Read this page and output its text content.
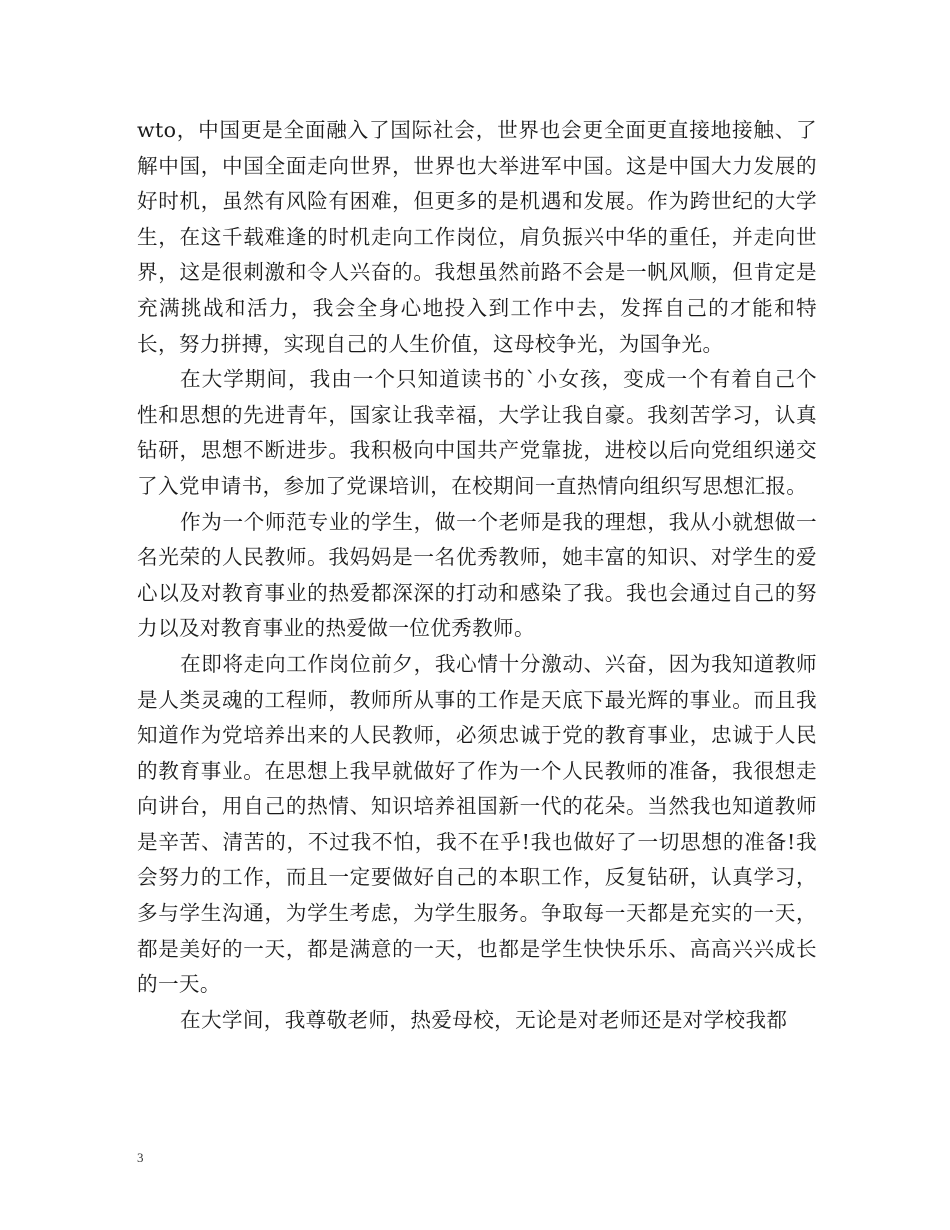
wto，中国更是全面融入了国际社会，世界也会更全面更直接地接触、了解中国，中国全面走向世界，世界也大举进军中国。这是中国大力发展的好时机，虽然有风险有困难，但更多的是机遇和发展。作为跨世纪的大学生，在这千载难逢的时机走向工作岗位，肩负振兴中华的重任，并走向世界，这是很刺激和令人兴奋的。我想虽然前路不会是一帆风顺，但肯定是充满挑战和活力，我会全身心地投入到工作中去，发挥自己的才能和特长，努力拼搏，实现自己的人生价值，这母校争光，为国争光。

在大学期间，我由一个只知道读书的`小女孩，变成一个有着自己个性和思想的先进青年，国家让我幸福，大学让我自豪。我刻苦学习，认真钻研，思想不断进步。我积极向中国共产党靠拢，进校以后向党组织递交了入党申请书，参加了党课培训，在校期间一直热情向组织写思想汇报。

作为一个师范专业的学生，做一个老师是我的理想，我从小就想做一名光荣的人民教师。我妈妈是一名优秀教师，她丰富的知识、对学生的爱心以及对教育事业的热爱都深深的打动和感染了我。我也会通过自己的努力以及对教育事业的热爱做一位优秀教师。

在即将走向工作岗位前夕，我心情十分激动、兴奋，因为我知道教师是人类灵魂的工程师，教师所从事的工作是天底下最光辉的事业。而且我知道作为党培养出来的人民教师，必须忠诚于党的教育事业，忠诚于人民的教育事业。在思想上我早就做好了作为一个人民教师的准备，我很想走向讲台，用自己的热情、知识培养祖国新一代的花朵。当然我也知道教师是辛苦、清苦的，不过我不怕，我不在乎!我也做好了一切思想的准备!我会努力的工作，而且一定要做好自己的本职工作，反复钻研，认真学习，多与学生沟通，为学生考虑，为学生服务。争取每一天都是充实的一天，都是美好的一天，都是满意的一天，也都是学生快快乐乐、高高兴兴成长的一天。

在大学间，我尊敬老师，热爱母校，无论是对老师还是对学校我都

3
